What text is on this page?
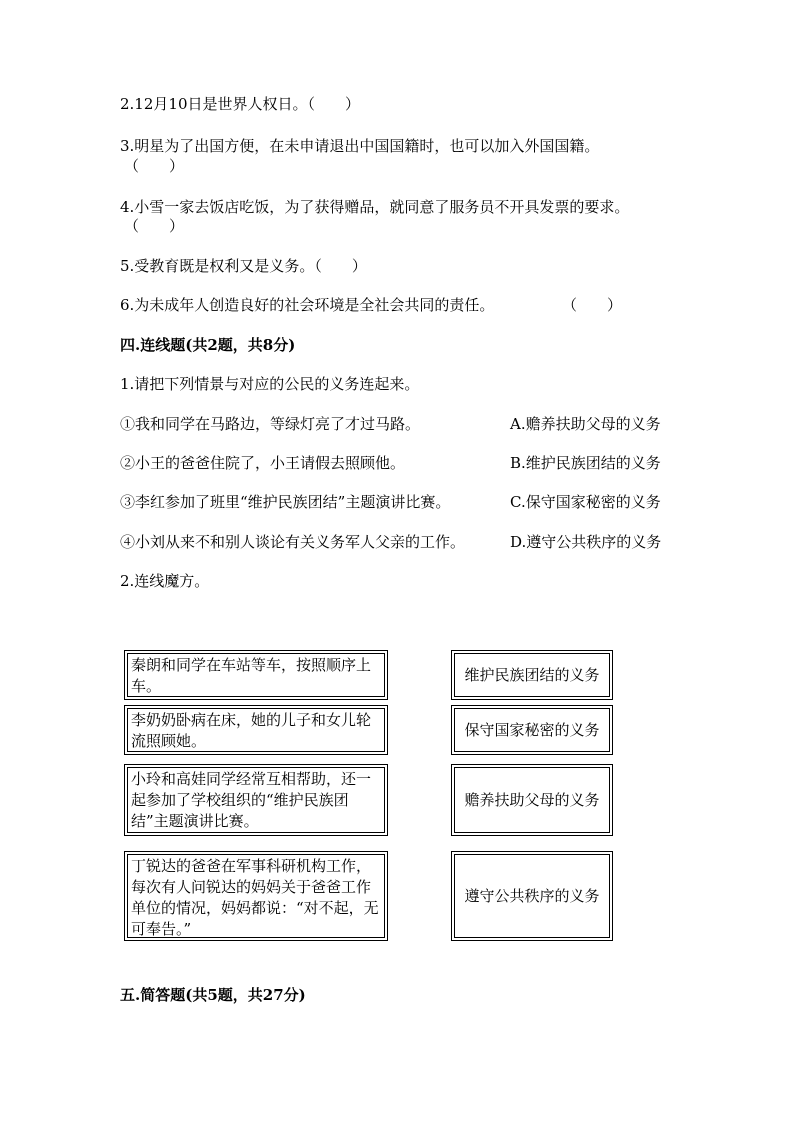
2.12月10日是世界人权日。（　　）
3.明星为了出国方便，在未申请退出中国国籍时，也可以加入外国国籍。
（　　）
4.小雪一家去饭店吃饭，为了获得赠品，就同意了服务员不开具发票的要求。
（　　）
5.受教育既是权利又是义务。（　　）
6.为未成年人创造良好的社会环境是全社会共同的责任。	（　　）
四.连线题(共2题，共8分)
1.请把下列情景与对应的公民的义务连起来。
①我和同学在马路边，等绿灯亮了才过马路。	A.赡养扶助父母的义务
②小王的爸爸住院了，小王请假去照顾他。	B.维护民族团结的义务
③李红参加了班里“维护民族团结”主题演讲比赛。	C.保守国家秘密的义务
④小刘从来不和别人谈论有关义务军人父亲的工作。	D.遵守公共秩序的义务
2.连线魔方。
秦朗和同学在车站等车，按照顺序上车。
李奶奶卧病在床，她的儿子和女儿轮流照顾她。
小玲和高娃同学经常互相帮助，还一起参加了学校组织的“维护民族团结”主题演讲比赛。
丁锐达的爸爸在军事科研机构工作，每次有人问锐达的妈妈关于爸爸工作单位的情况，妈妈都说：“对不起，无可奉告。”
维护民族团结的义务
保守国家秘密的义务
赡养扶助父母的义务
遵守公共秩序的义务
五.简答题(共5题，共27分)
